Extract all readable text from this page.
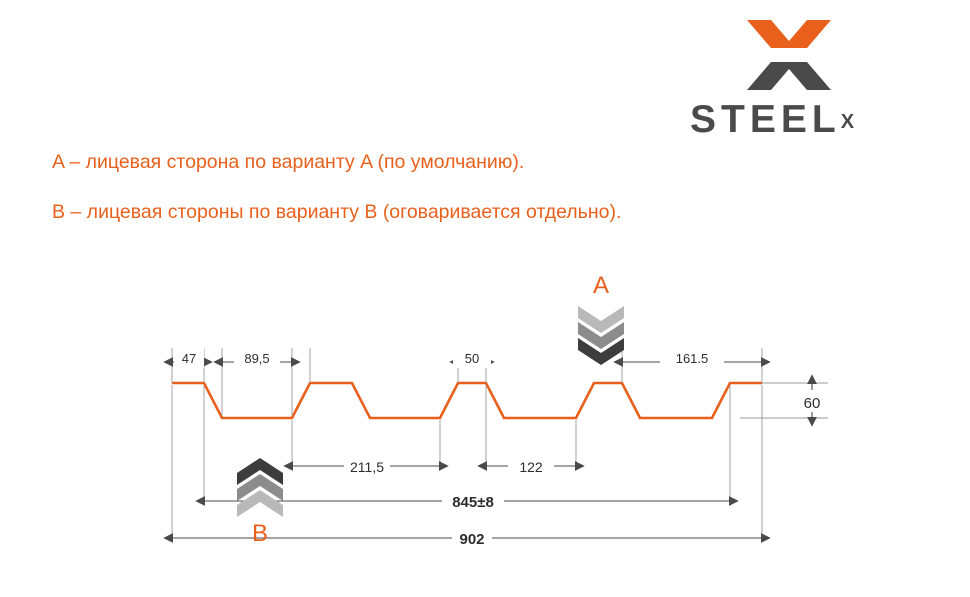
$STEEL^X$
A – лицевая сторона по варианту A (по умолчанию).
B – лицевая стороны по варианту B (оговаривается отдельно).
47	89,5	50	161.5
60
211,5	122
845±8
902
A
B
